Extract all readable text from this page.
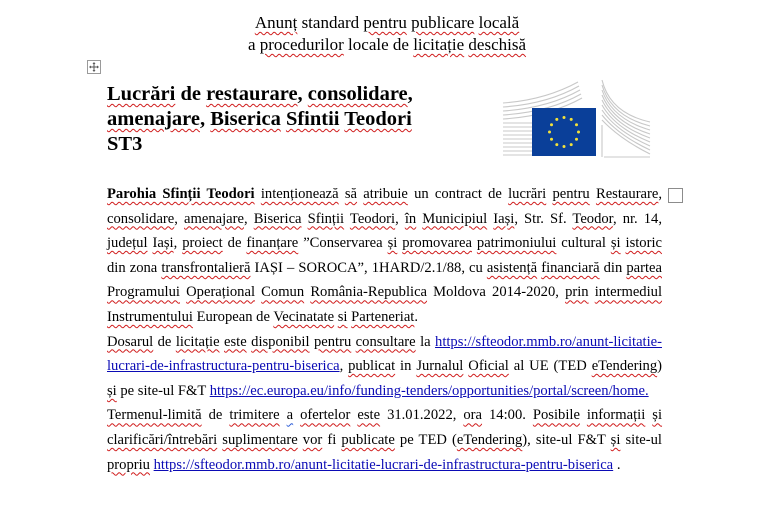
Anunț standard pentru publicare locală
a procedurilor locale de licitație deschisă
Lucrări de restaurare, consolidare,
amenajare, Biserica Sfintii Teodori
ST3

Parohia Sfinții Teodori intenționează să atribuie un contract de lucrări pentru Restaurare, consolidare, amenajare, Biserica Sfinții Teodori, în Municipiul Iași, Str. Sf. Teodor, nr. 14, județul Iași, proiect de finanțare ”Conservarea și promovarea patrimoniului cultural și istoric din zona transfrontalieră IAȘI – SOROCA”, 1HARD/2.1/88, cu asistență financiară din partea Programului Operațional Comun România-Republica Moldova 2014-2020, prin intermediul Instrumentului European de Vecinatate si Parteneriat.

Dosarul de licitație este disponibil pentru consultare la https://sfteodor.mmb.ro/anunt-licitatie-lucrari-de-infrastructura-pentru-biserica, publicat in Jurnalul Oficial al UE (TED eTendering) și pe site-ul F&T https://ec.europa.eu/info/funding-tenders/opportunities/portal/screen/home.

Termenul-limită de trimitere a ofertelor este 31.01.2022, ora 14:00. Posibile informații și clarificări/întrebări suplimentare vor fi publicate pe TED (eTendering), site-ul F&T și site-ul propriu https://sfteodor.mmb.ro/anunt-licitatie-lucrari-de-infrastructura-pentru-biserica .
